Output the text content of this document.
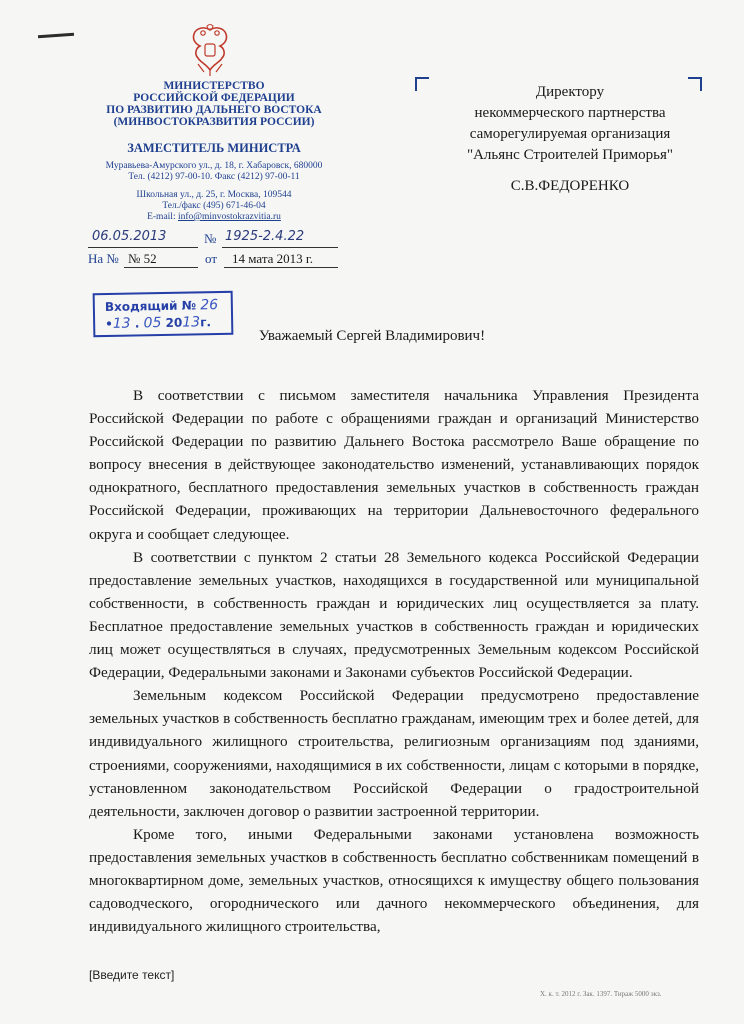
МИНИСТЕРСТВО
РОССИЙСКОЙ ФЕДЕРАЦИИ
ПО РАЗВИТИЮ ДАЛЬНЕГО ВОСТОКА
(МИНВОСТОКРАЗВИТИЯ РОССИИ)
ЗАМЕСТИТЕЛЬ МИНИСТРА
Муравьева-Амурского ул., д. 18, г. Хабаровск, 680000
Тел. (4212) 97-00-10. Факс (4212) 97-00-11
Школьная ул., д. 25, г. Москва, 109544
Тел./факс (495) 671-46-04
E-mail: info@minvostokrazvitia.ru
Директору
некоммерческого партнерства
саморегулируемая организация
"Альянс Строителей Приморья"
С.В.ФЕДОРЕНКО
06.05.2013	№ 1925-2.4.22
На № № 52	от 14 мата 2013 г.
Входящий № 26
•13 . 05 2013г.
Уважаемый Сергей Владимирович!

В соответствии с письмом заместителя начальника Управления Президента Российской Федерации по работе с обращениями граждан и организаций Министерство Российской Федерации по развитию Дальнего Востока рассмотрело Ваше обращение по вопросу внесения в действующее законодательство изменений, устанавливающих порядок однократного, бесплатного предоставления земельных участков в собственность граждан Российской Федерации, проживающих на территории Дальневосточного федерального округа и сообщает следующее.

В соответствии с пунктом 2 статьи 28 Земельного кодекса Российской Федерации предоставление земельных участков, находящихся в государственной или муниципальной собственности, в собственность граждан и юридических лиц осуществляется за плату. Бесплатное предоставление земельных участков в собственность граждан и юридических лиц может осуществляться в случаях, предусмотренных Земельным кодексом Российской Федерации, Федеральными законами и Законами субъектов Российской Федерации.

Земельным кодексом Российской Федерации предусмотрено предоставление земельных участков в собственность бесплатно гражданам, имеющим трех и более детей, для индивидуального жилищного строительства, религиозным организациям под зданиями, строениями, сооружениями, находящимися в их собственности, лицам с которыми в порядке, установленном законодательством Российской Федерации о градостроительной деятельности, заключен договор о развитии застроенной территории.

Кроме того, иными Федеральными законами установлена возможность предоставления земельных участков в собственность бесплатно собственникам помещений в многоквартирном доме, земельных участков, относящихся к имуществу общего пользования садоводческого, огороднического или дачного некоммерческого объединения, для индивидуального жилищного строительства,

[Введите текст]
Х. к. т. 2012 г. Зак. 1397. Тираж 5000 экз.
